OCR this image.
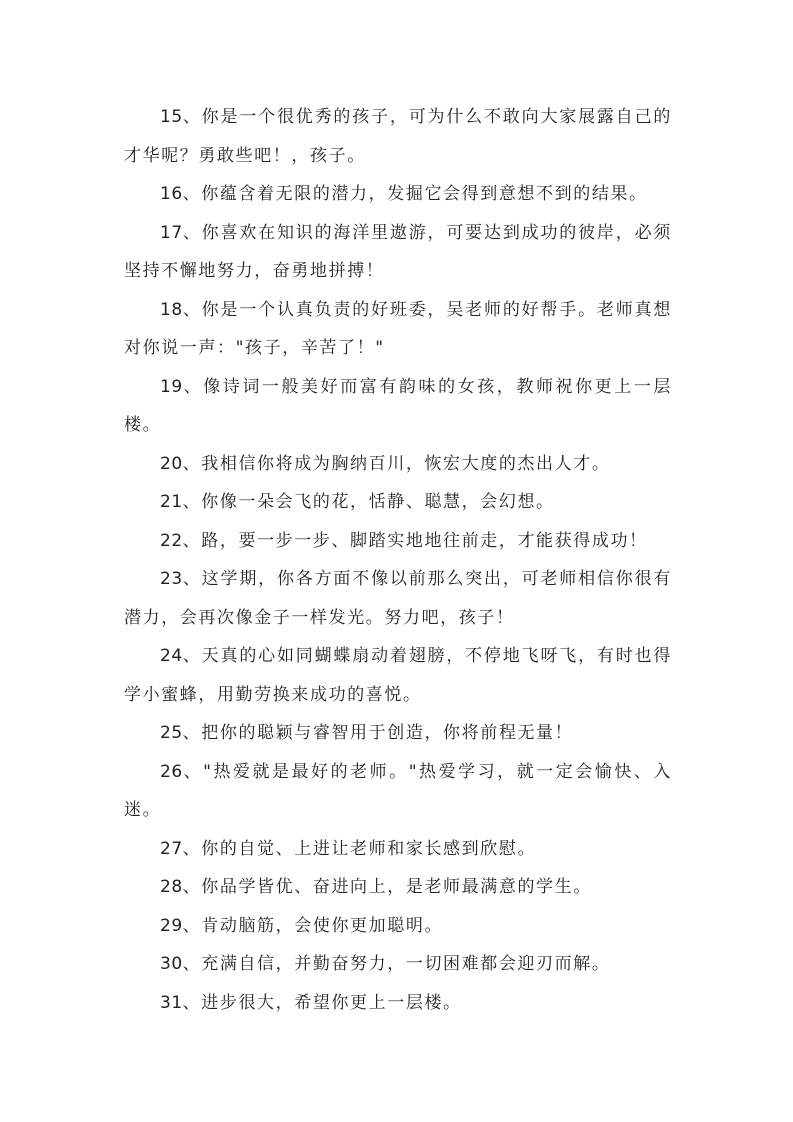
15、你是一个很优秀的孩子，可为什么不敢向大家展露自己的才华呢？勇敢些吧！，孩子。

16、你蕴含着无限的潜力，发掘它会得到意想不到的结果。

17、你喜欢在知识的海洋里遨游，可要达到成功的彼岸，必须坚持不懈地努力，奋勇地拼搏！

18、你是一个认真负责的好班委，吴老师的好帮手。老师真想对你说一声："孩子，辛苦了！"

19、像诗词一般美好而富有韵味的女孩，教师祝你更上一层楼。

20、我相信你将成为胸纳百川，恢宏大度的杰出人才。

21、你像一朵会飞的花，恬静、聪慧，会幻想。

22、路，要一步一步、脚踏实地地往前走，才能获得成功！

23、这学期，你各方面不像以前那么突出，可老师相信你很有潜力，会再次像金子一样发光。努力吧，孩子！

24、天真的心如同蝴蝶扇动着翅膀，不停地飞呀飞，有时也得学小蜜蜂，用勤劳换来成功的喜悦。

25、把你的聪颖与睿智用于创造，你将前程无量！

26、"热爱就是最好的老师。"热爱学习，就一定会愉快、入迷。

27、你的自觉、上进让老师和家长感到欣慰。

28、你品学皆优、奋进向上，是老师最满意的学生。

29、肯动脑筋，会使你更加聪明。

30、充满自信，并勤奋努力，一切困难都会迎刃而解。

31、进步很大，希望你更上一层楼。
